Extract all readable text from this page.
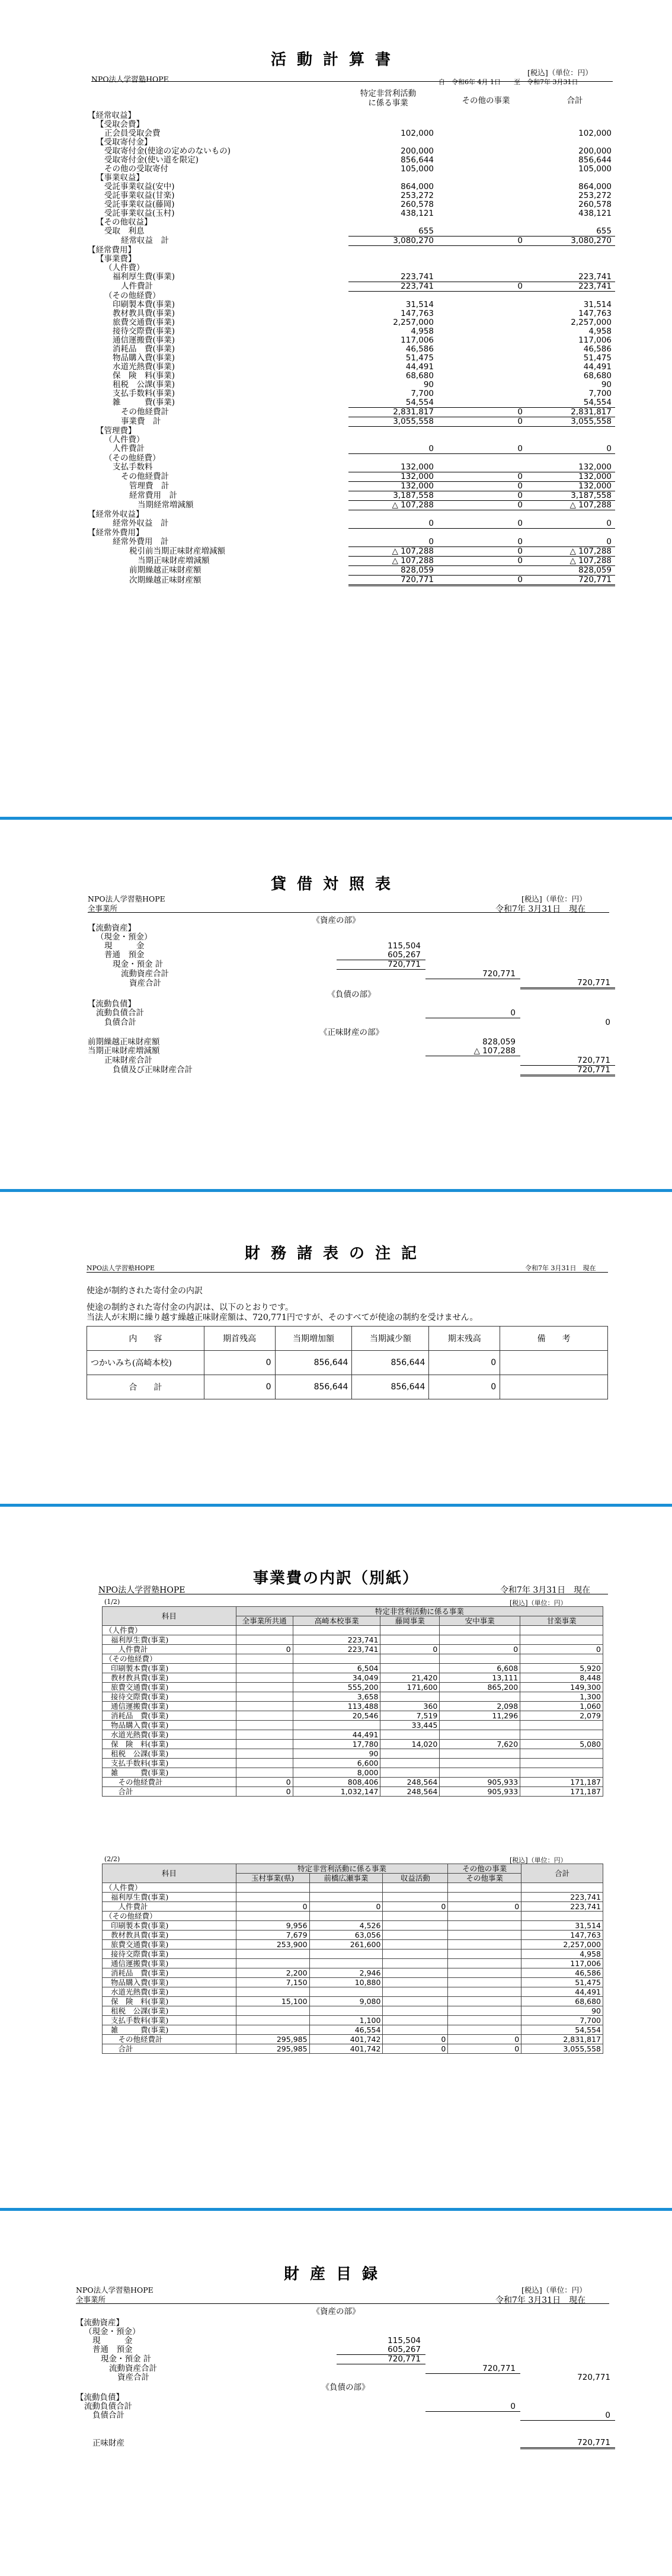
活動計算書
NPO法人学習塾HOPE
[税込]（単位：円）
自　令和6年 4月 1日　　至　令和7年 3月31日
特定非営利活動
に係る事業	その他の事業	合計
【経常収益】			
【受取会費】			
正会員受取会費	102,000		102,000
【受取寄付金】			
受取寄付金(使途の定めのないもの)	200,000		200,000
受取寄付金(使い道を限定)	856,644		856,644
その他の受取寄付	105,000		105,000
【事業収益】			
受託事業収益(安中)	864,000		864,000
受託事業収益(甘楽)	253,272		253,272
受託事業収益(藤岡)	260,578		260,578
受託事業収益(玉村)	438,121		438,121
【その他収益】			
受取　利息	655		655
経常収益　計	3,080,270	0	3,080,270
【経常費用】			
【事業費】			
（人件費）			
福利厚生費(事業)	223,741		223,741
人件費計	223,741	0	223,741
（その他経費）			
印刷製本費(事業)	31,514		31,514
教材教具費(事業)	147,763		147,763
旅費交通費(事業)	2,257,000		2,257,000
接待交際費(事業)	4,958		4,958
通信運搬費(事業)	117,006		117,006
消耗品　費(事業)	46,586		46,586
物品購入費(事業)	51,475		51,475
水道光熱費(事業)	44,491		44,491
保　険　料(事業)	68,680		68,680
租税　公課(事業)	90		90
支払手数料(事業)	7,700		7,700
雑　　　費(事業)	54,554		54,554
その他経費計	2,831,817	0	2,831,817
事業費　計	3,055,558	0	3,055,558
【管理費】			
（人件費）			
人件費計	0	0	0
（その他経費）			
支払手数料	132,000		132,000
その他経費計	132,000	0	132,000
管理費　計	132,000	0	132,000
経常費用　計	3,187,558	0	3,187,558
当期経常増減額	△ 107,288	0	△ 107,288
【経常外収益】			
経常外収益　計	0	0	0
【経常外費用】			
経常外費用　計	0	0	0
税引前当期正味財産増減額	△ 107,288	0	△ 107,288
当期正味財産増減額	△ 107,288	0	△ 107,288
前期繰越正味財産額	828,059		828,059
次期繰越正味財産額	720,771	0	720,771
貸借対照表
NPO法人学習塾HOPE
全事業所
[税込]（単位：円）
令和7年 3月31日　現在
《資産の部》
【流動資産】			
（現金・預金）			
現　　　金	115,504		
普通　預金	605,267		
現金・預金 計	720,771		
流動資産合計		720,771	
資産合計			720,771
《負債の部》			
【流動負債】			
流動負債合計		0	
負債合計			0
《正味財産の部》			
前期繰越正味財産額		828,059	
当期正味財産増減額		△ 107,288	
正味財産合計			720,771
負債及び正味財産合計			720,771
財務諸表の注記
NPO法人学習塾HOPE	令和7年 3月31日　現在
使途が制約された寄付金の内訳
使途の制約された寄付金の内訳は、以下のとおりです。
当法人が末期に繰り越す繰越正味財産額は、720,771円ですが、そのすべてが使途の制約を受けません。
内　　容	期首残高	当期増加額	当期減少額	期末残高	備　　考
つかいみち(高崎本校)	0	856,644	856,644	0	
合　　計	0	856,644	856,644	0	
事業費の内訳（別紙）
NPO法人学習塾HOPE	令和7年 3月31日　現在
(1/2)	[税込]（単位：円）
科目	特定非営利活動に係る事業				
	全事業所共通	高崎本校事業	藤岡事業	安中事業	甘楽事業
（人件費）					
福利厚生費(事業)		223,741			
　人件費計	0	223,741	0	0	0
（その他経費）					
印刷製本費(事業)		6,504		6,608	5,920
教材教具費(事業)		34,049	21,420	13,111	8,448
旅費交通費(事業)		555,200	171,600	865,200	149,300
接待交際費(事業)		3,658			1,300
通信運搬費(事業)		113,488	360	2,098	1,060
消耗品　費(事業)		20,546	7,519	11,296	2,079
物品購入費(事業)			33,445		
水道光熱費(事業)		44,491			
保　険　料(事業)		17,780	14,020	7,620	5,080
租税　公課(事業)		90			
支払手数料(事業)		6,600			
雑　　　費(事業)		8,000			
　その他経費計	0	808,406	248,564	905,933	171,187
　合計	0	1,032,147	248,564	905,933	171,187
(2/2)	[税込]（単位：円）
科目	特定非営利活動に係る事業			その他の事業	合計
	玉村事業(県)	前橋広瀬事業	収益活動	その他事業	
（人件費）					
福利厚生費(事業)					223,741
　人件費計	0	0	0	0	223,741
（その他経費）					
印刷製本費(事業)	9,956	4,526			31,514
教材教具費(事業)	7,679	63,056			147,763
旅費交通費(事業)	253,900	261,600			2,257,000
接待交際費(事業)					4,958
通信運搬費(事業)					117,006
消耗品　費(事業)	2,200	2,946			46,586
物品購入費(事業)	7,150	10,880			51,475
水道光熱費(事業)					44,491
保　険　料(事業)	15,100	9,080			68,680
租税　公課(事業)					90
支払手数料(事業)		1,100			7,700
雑　　　費(事業)		46,554			54,554
　その他経費計	295,985	401,742	0	0	2,831,817
　合計	295,985	401,742	0	0	3,055,558
財産目録
NPO法人学習塾HOPE
全事業所
[税込]（単位：円）
令和7年 3月31日　現在
《資産の部》
【流動資産】			
（現金・預金）			
現　　　金	115,504		
普通　預金	605,267		
現金・預金 計	720,771		
流動資産合計		720,771	
資産合計			720,771
《負債の部》			
【流動負債】			
流動負債合計		0	
負債合計			0

正味財産			720,771
